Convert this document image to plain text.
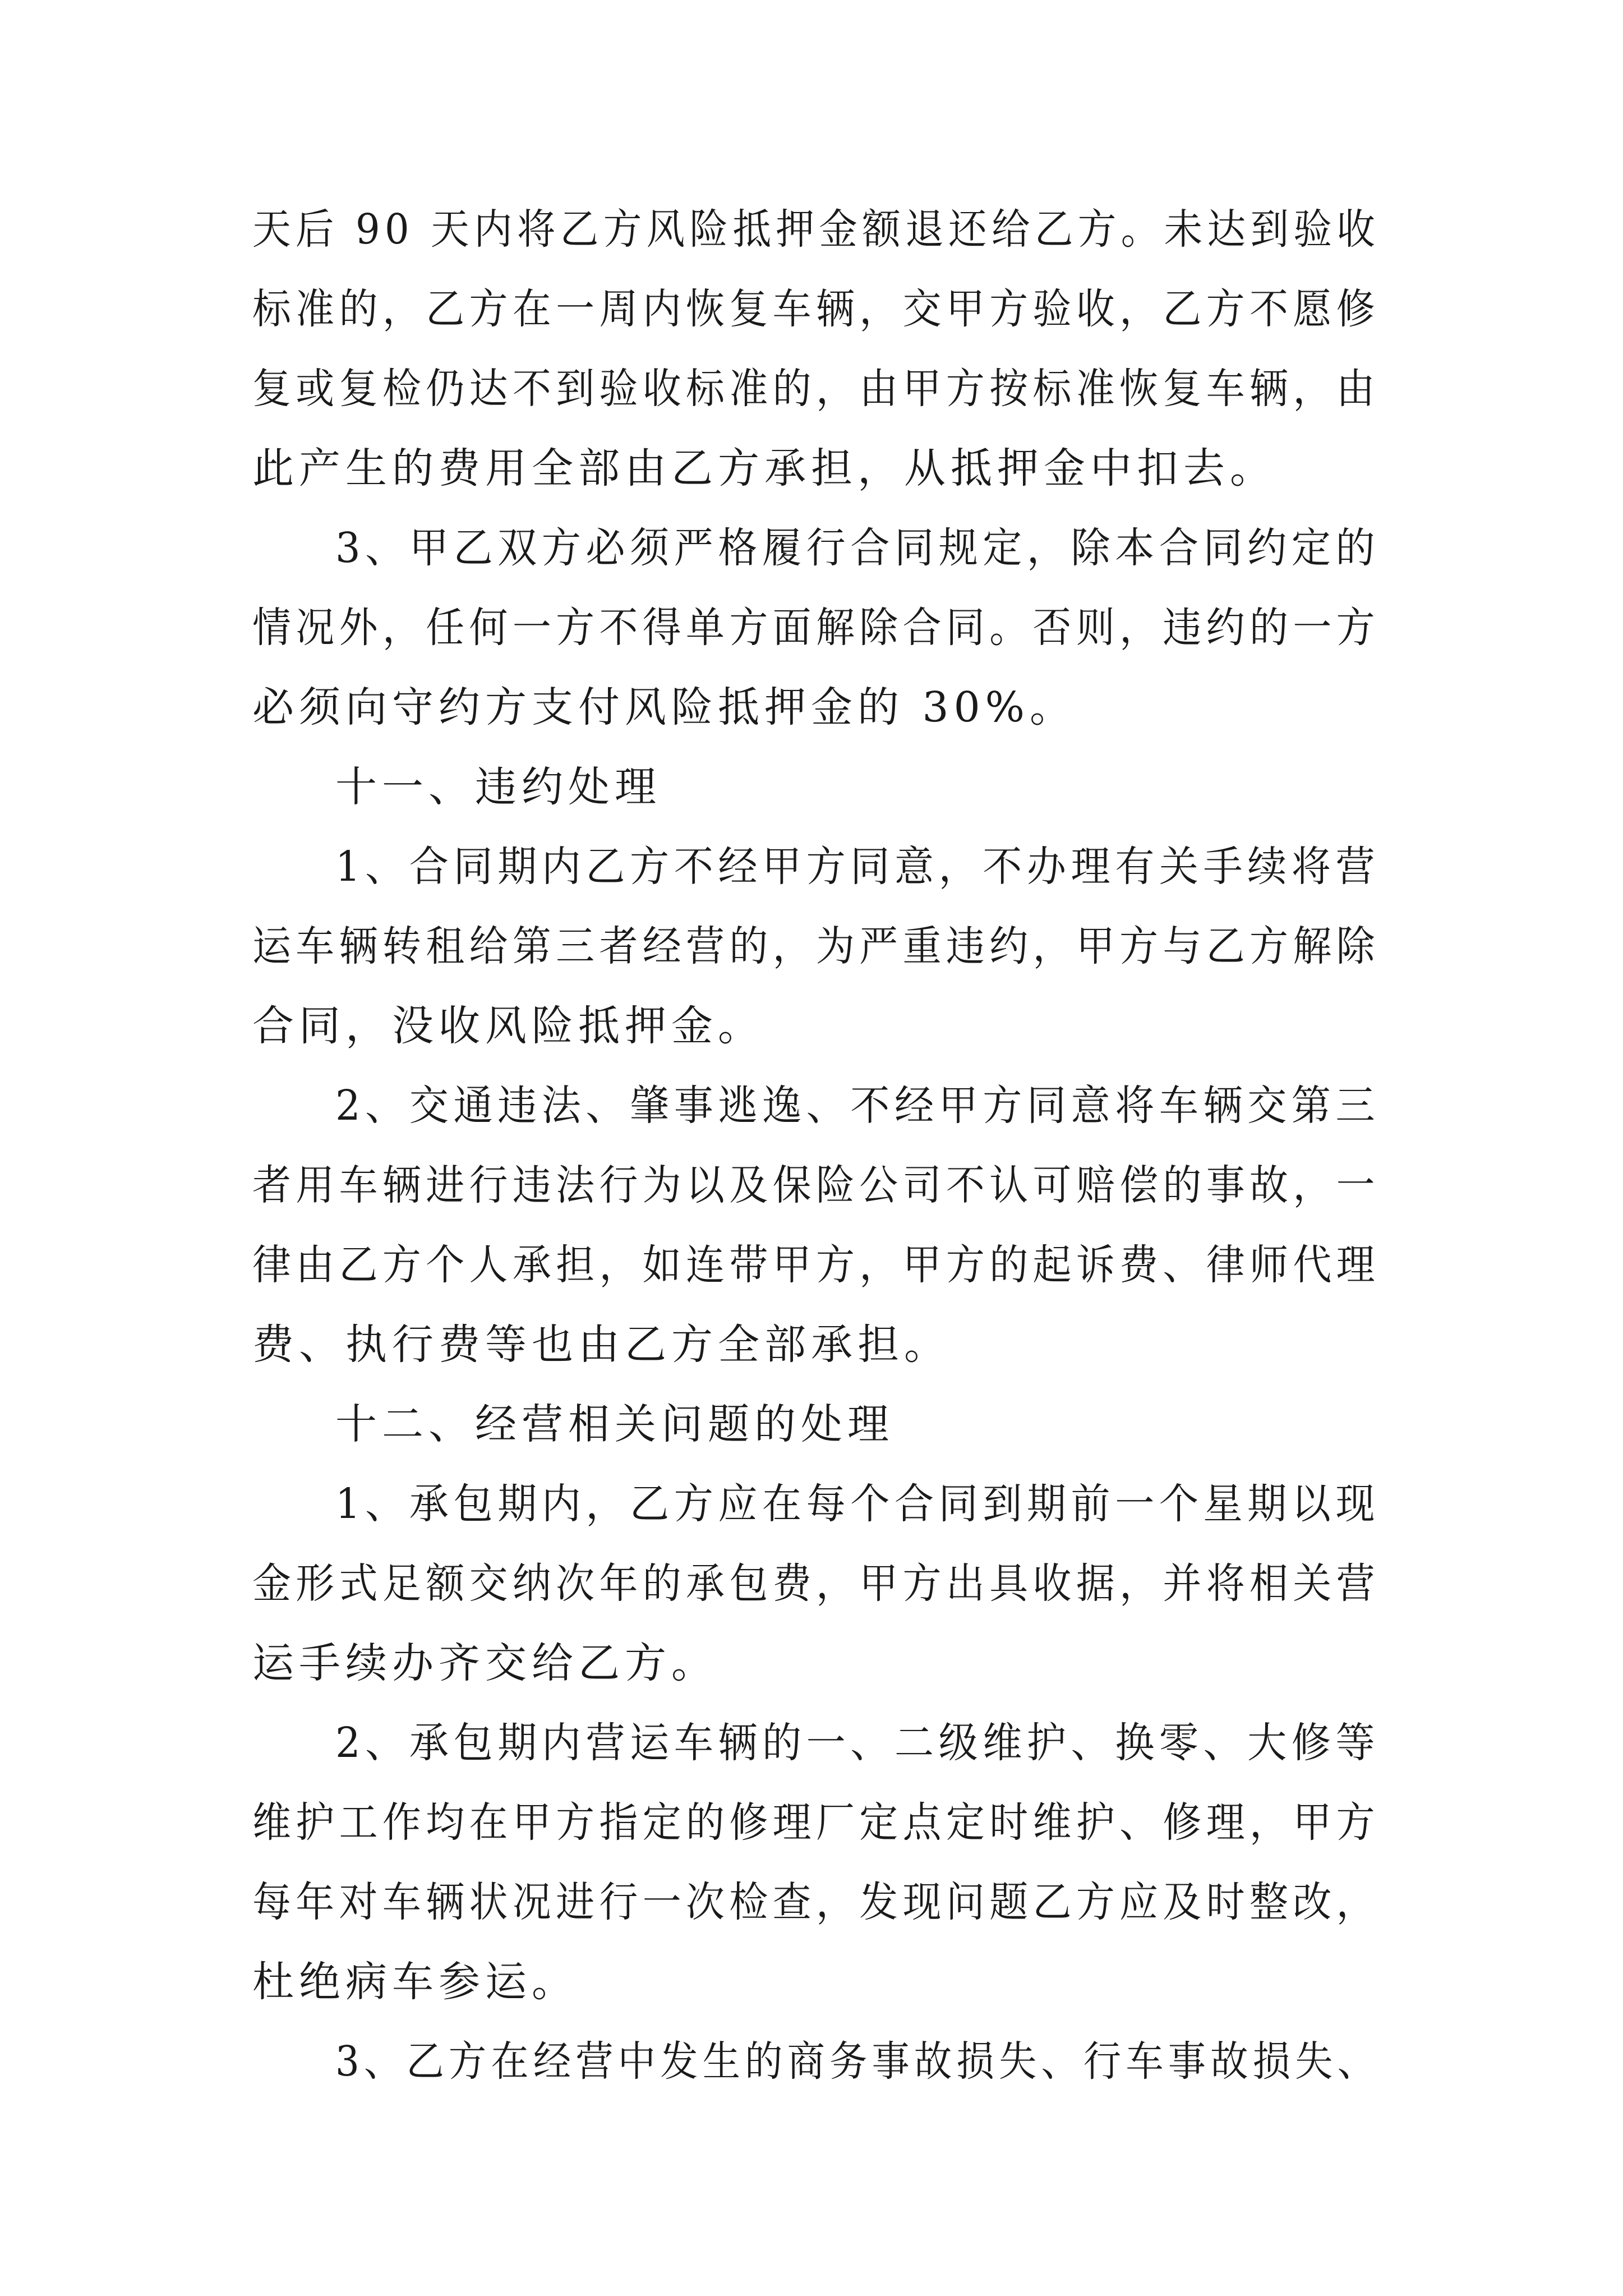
天后 90 天内将乙方风险抵押金额退还给乙方。未达到验收
标准的，乙方在一周内恢复车辆，交甲方验收，乙方不愿修
复或复检仍达不到验收标准的，由甲方按标准恢复车辆，由
此产生的费用全部由乙方承担，从抵押金中扣去。
3、甲乙双方必须严格履行合同规定，除本合同约定的
情况外，任何一方不得单方面解除合同。否则，违约的一方
必须向守约方支付风险抵押金的 30%。
十一、违约处理
1、合同期内乙方不经甲方同意，不办理有关手续将营
运车辆转租给第三者经营的，为严重违约，甲方与乙方解除
合同，没收风险抵押金。
2、交通违法、肇事逃逸、不经甲方同意将车辆交第三
者用车辆进行违法行为以及保险公司不认可赔偿的事故，一
律由乙方个人承担，如连带甲方，甲方的起诉费、律师代理
费、执行费等也由乙方全部承担。
十二、经营相关问题的处理
1、承包期内，乙方应在每个合同到期前一个星期以现
金形式足额交纳次年的承包费，甲方出具收据，并将相关营
运手续办齐交给乙方。
2、承包期内营运车辆的一、二级维护、换零、大修等
维护工作均在甲方指定的修理厂定点定时维护、修理，甲方
每年对车辆状况进行一次检查，发现问题乙方应及时整改，
杜绝病车参运。
3、乙方在经营中发生的商务事故损失、行车事故损失、
